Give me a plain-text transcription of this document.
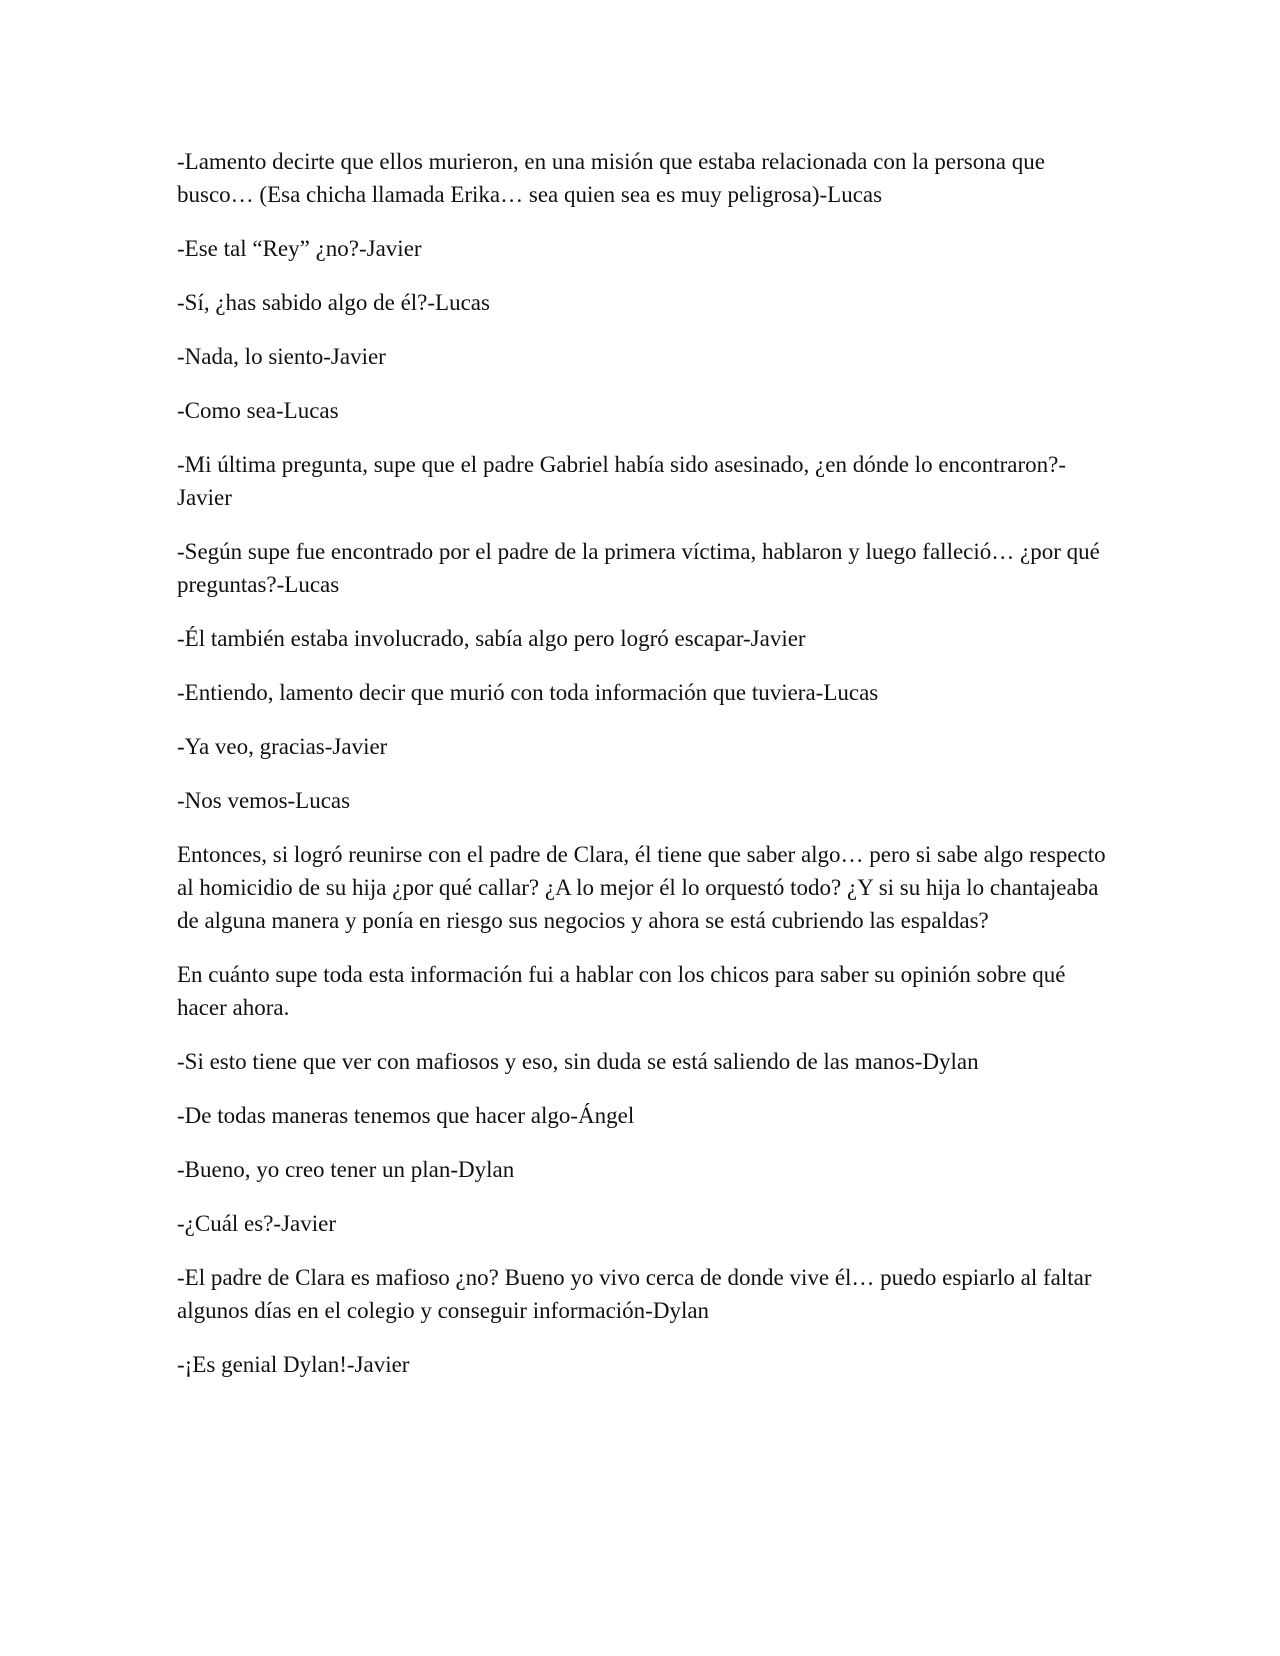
-Lamento decirte que ellos murieron, en una misión que estaba relacionada con la persona que busco… (Esa chicha llamada Erika… sea quien sea es muy peligrosa)-Lucas

-Ese tal “Rey” ¿no?-Javier

-Sí, ¿has sabido algo de él?-Lucas

-Nada, lo siento-Javier

-Como sea-Lucas

-Mi última pregunta, supe que el padre Gabriel había sido asesinado, ¿en dónde lo encontraron?-Javier

-Según supe fue encontrado por el padre de la primera víctima, hablaron y luego falleció… ¿por qué preguntas?-Lucas

-Él también estaba involucrado, sabía algo pero logró escapar-Javier

-Entiendo, lamento decir que murió con toda información que tuviera-Lucas

-Ya veo, gracias-Javier

-Nos vemos-Lucas

Entonces, si logró reunirse con el padre de Clara, él tiene que saber algo… pero si sabe algo respecto al homicidio de su hija ¿por qué callar? ¿A lo mejor él lo orquestó todo? ¿Y si su hija lo chantajeaba de alguna manera y ponía en riesgo sus negocios y ahora se está cubriendo las espaldas?

En cuánto supe toda esta información fui a hablar con los chicos para saber su opinión sobre qué hacer ahora.

-Si esto tiene que ver con mafiosos y eso, sin duda se está saliendo de las manos-Dylan

-De todas maneras tenemos que hacer algo-Ángel

-Bueno, yo creo tener un plan-Dylan

-¿Cuál es?-Javier

-El padre de Clara es mafioso ¿no? Bueno yo vivo cerca de donde vive él… puedo espiarlo al faltar algunos días en el colegio y conseguir información-Dylan

-¡Es genial Dylan!-Javier
